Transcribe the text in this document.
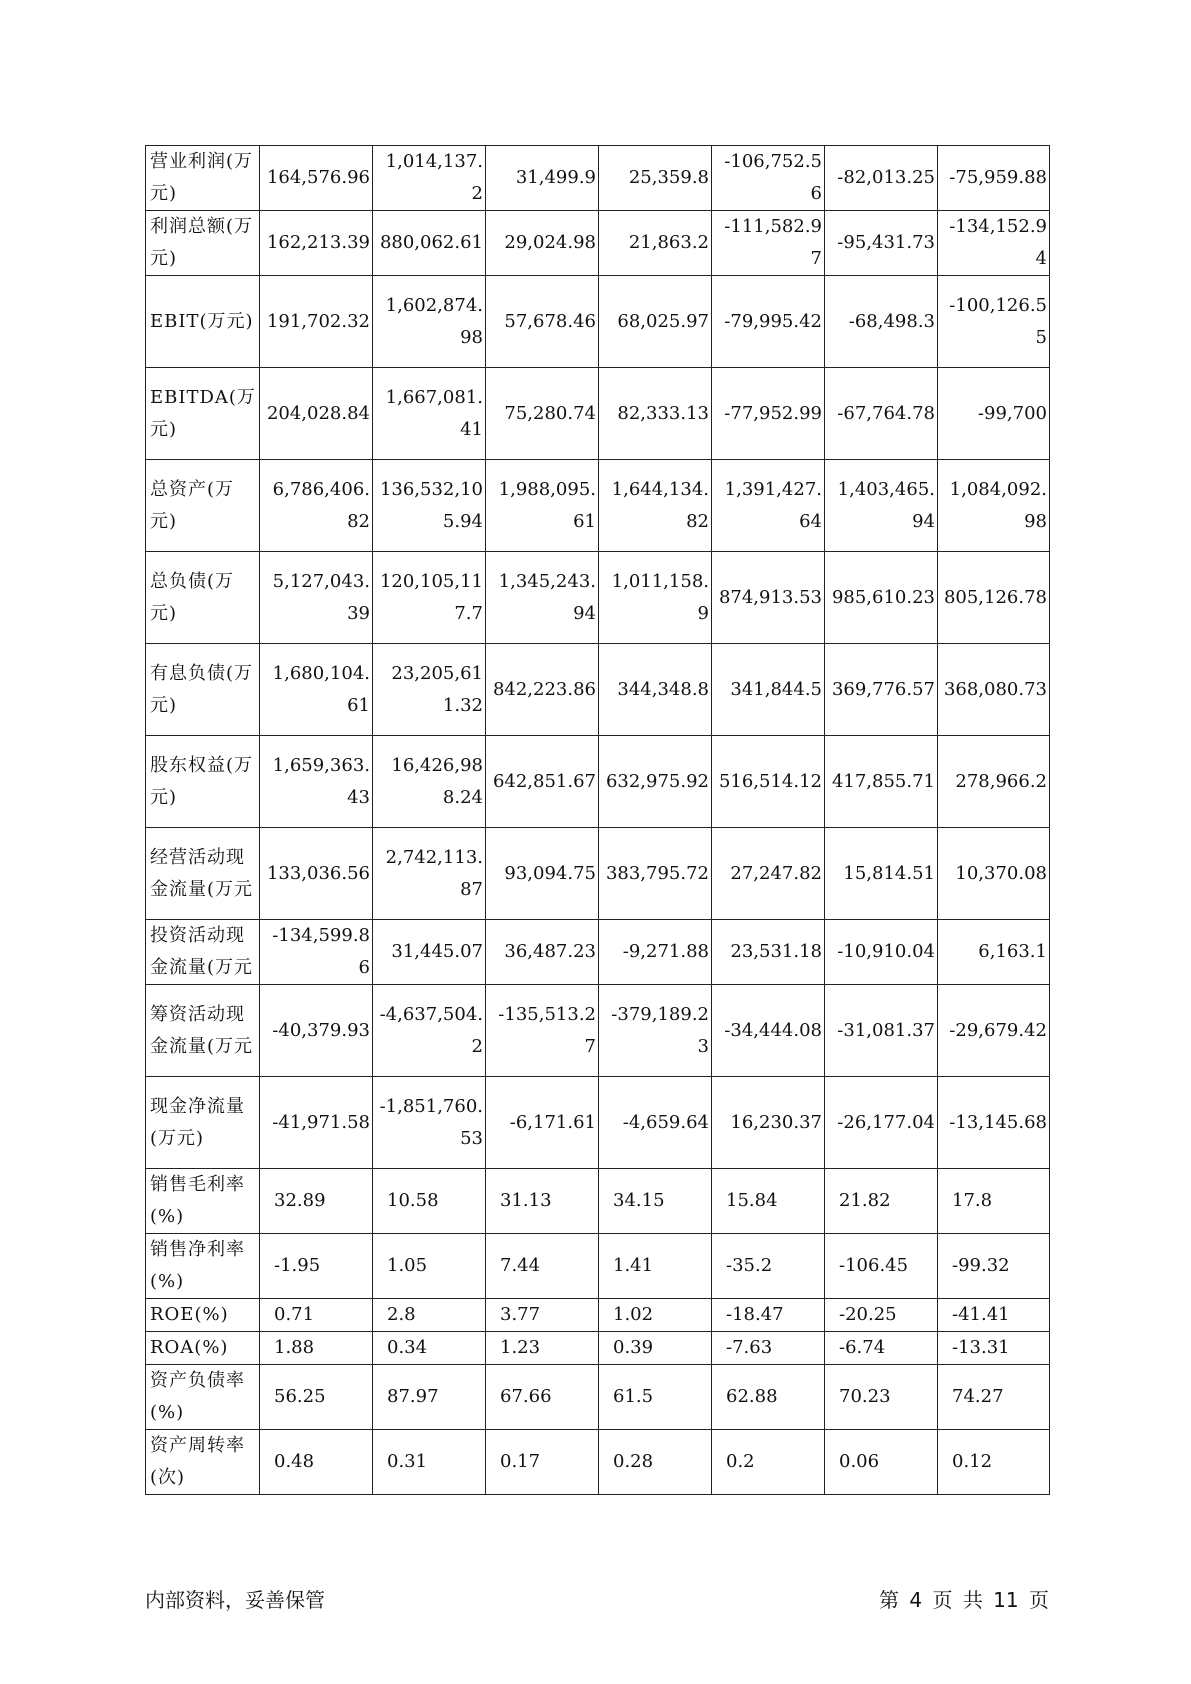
营业利润(万元)	164,576.96	1,014,137.2	31,499.9	25,359.8	-106,752.56	-82,013.25	-75,959.88
利润总额(万元)	162,213.39	880,062.61	29,024.98	21,863.2	-111,582.97	-95,431.73	-134,152.94
EBIT(万元)	191,702.32	1,602,874.98	57,678.46	68,025.97	-79,995.42	-68,498.3	-100,126.55
EBITDA(万元)	204,028.84	1,667,081.41	75,280.74	82,333.13	-77,952.99	-67,764.78	-99,700
总资产(万元)	6,786,406.82	136,532,105.94	1,988,095.61	1,644,134.82	1,391,427.64	1,403,465.94	1,084,092.98
总负债(万元)	5,127,043.39	120,105,117.7	1,345,243.94	1,011,158.9	874,913.53	985,610.23	805,126.78
有息负债(万元)	1,680,104.61	23,205,611.32	842,223.86	344,348.8	341,844.5	369,776.57	368,080.73
股东权益(万元)	1,659,363.43	16,426,988.24	642,851.67	632,975.92	516,514.12	417,855.71	278,966.2
经营活动现金流量(万元	133,036.56	2,742,113.87	93,094.75	383,795.72	27,247.82	15,814.51	10,370.08
投资活动现金流量(万元	-134,599.86	31,445.07	36,487.23	-9,271.88	23,531.18	-10,910.04	6,163.1
筹资活动现金流量(万元	-40,379.93	-4,637,504.2	-135,513.27	-379,189.23	-34,444.08	-31,081.37	-29,679.42
现金净流量(万元)	-41,971.58	-1,851,760.53	-6,171.61	-4,659.64	16,230.37	-26,177.04	-13,145.68
销售毛利率(%)	32.89	10.58	31.13	34.15	15.84	21.82	17.8
销售净利率(%)	-1.95	1.05	7.44	1.41	-35.2	-106.45	-99.32
ROE(%)	0.71	2.8	3.77	1.02	-18.47	-20.25	-41.41
ROA(%)	1.88	0.34	1.23	0.39	-7.63	-6.74	-13.31
资产负债率(%)	56.25	87.97	67.66	61.5	62.88	70.23	74.27
资产周转率(次)	0.48	0.31	0.17	0.28	0.2	0.06	0.12
内部资料，妥善保管	第 4 页 共 11 页
